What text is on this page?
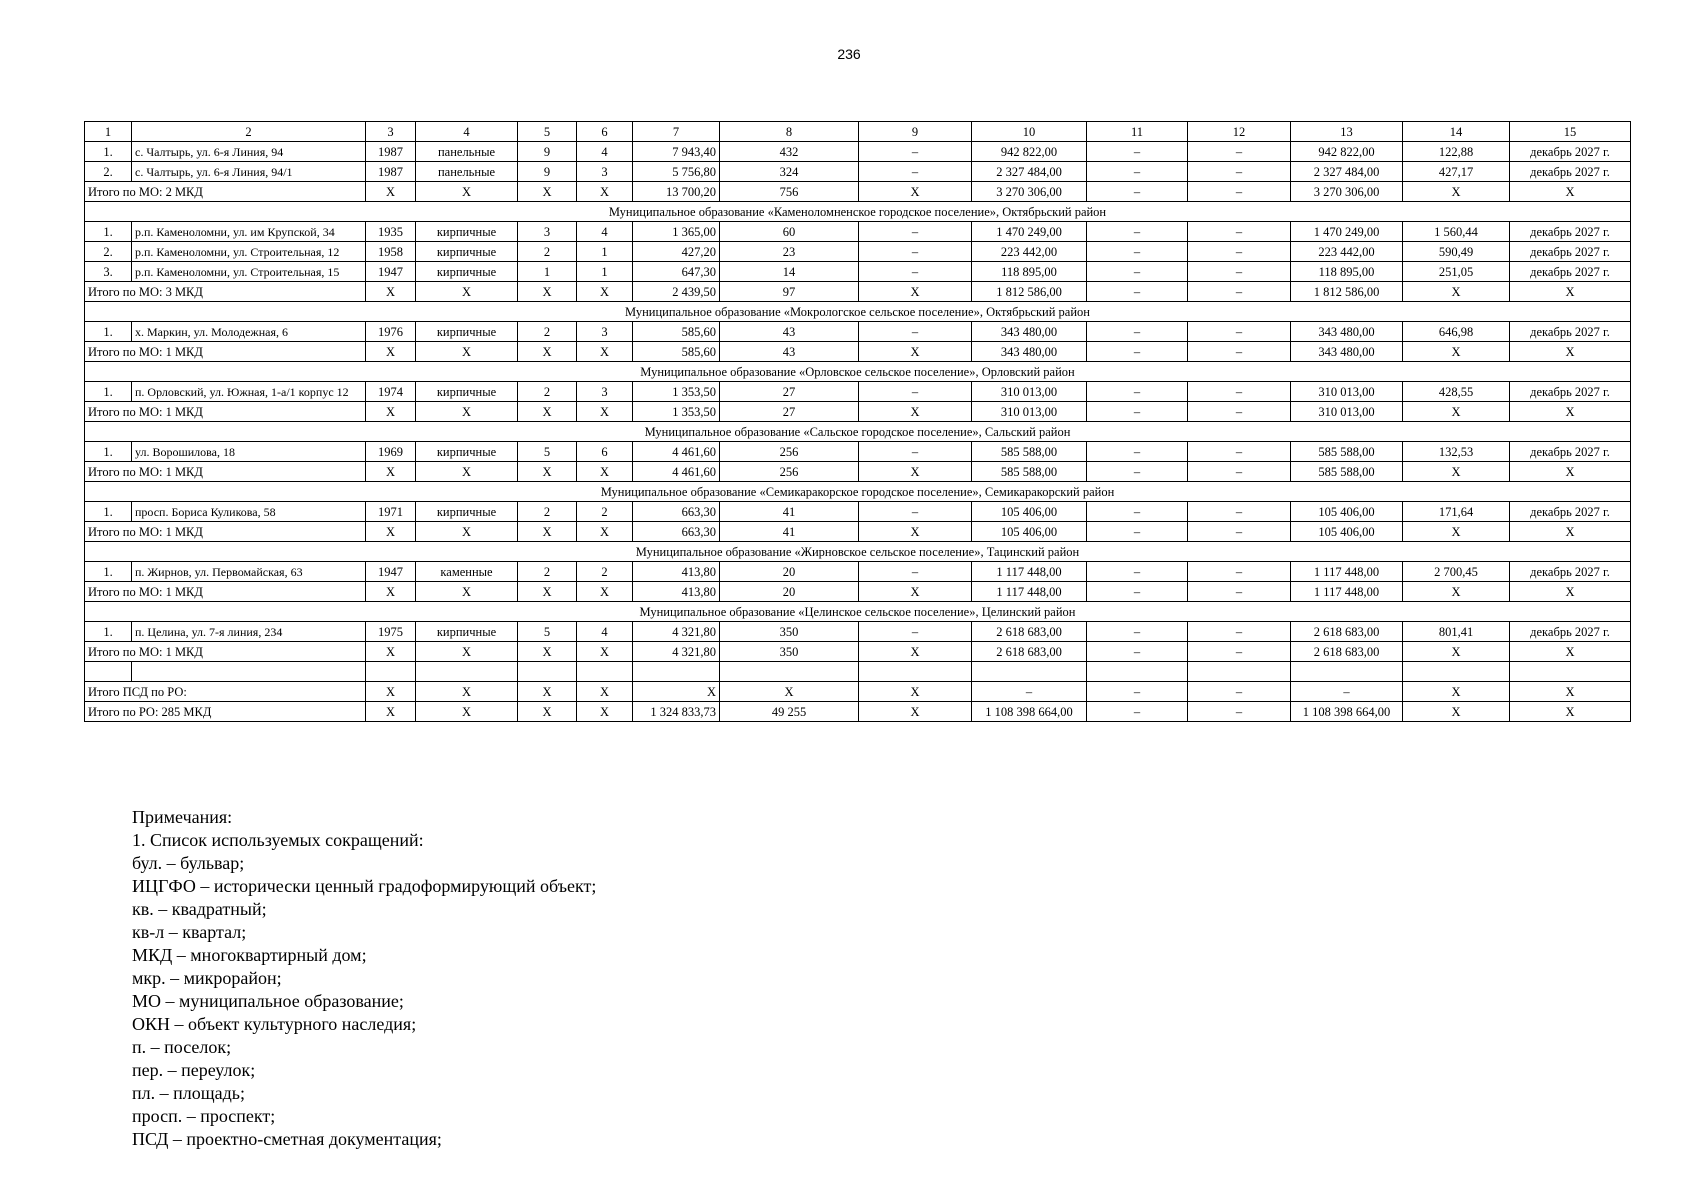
236
1	2	3	4	5	6	7	8	9	10	11	12	13	14	15
1.	с. Чалтырь, ул. 6-я Линия, 94	1987	панельные	9	4	7 943,40	432	–	942 822,00	–	–	942 822,00	122,88	декабрь 2027 г.
2.	с. Чалтырь, ул. 6-я Линия, 94/1	1987	панельные	9	3	5 756,80	324	–	2 327 484,00	–	–	2 327 484,00	427,17	декабрь 2027 г.
Итого по МО: 2 МКД		X	X	X	X	13 700,20	756	X	3 270 306,00	–	–	3 270 306,00	X	X
Муниципальное образование «Каменоломненское городское поселение», Октябрьский район														
1.	р.п. Каменоломни, ул. им Крупской, 34	1935	кирпичные	3	4	1 365,00	60	–	1 470 249,00	–	–	1 470 249,00	1 560,44	декабрь 2027 г.
2.	р.п. Каменоломни, ул. Строительная, 12	1958	кирпичные	2	1	427,20	23	–	223 442,00	–	–	223 442,00	590,49	декабрь 2027 г.
3.	р.п. Каменоломни, ул. Строительная, 15	1947	кирпичные	1	1	647,30	14	–	118 895,00	–	–	118 895,00	251,05	декабрь 2027 г.
Итого по МО: 3 МКД		X	X	X	X	2 439,50	97	X	1 812 586,00	–	–	1 812 586,00	X	X
Муниципальное образование «Мокрологское сельское поселение», Октябрьский район														
1.	х. Маркин, ул. Молодежная, 6	1976	кирпичные	2	3	585,60	43	–	343 480,00	–	–	343 480,00	646,98	декабрь 2027 г.
Итого по МО: 1 МКД		X	X	X	X	585,60	43	X	343 480,00	–	–	343 480,00	X	X
Муниципальное образование «Орловское сельское поселение», Орловский район														
1.	п. Орловский, ул. Южная, 1-а/1 корпус 12	1974	кирпичные	2	3	1 353,50	27	–	310 013,00	–	–	310 013,00	428,55	декабрь 2027 г.
Итого по МО: 1 МКД		X	X	X	X	1 353,50	27	X	310 013,00	–	–	310 013,00	X	X
Муниципальное образование «Сальское городское поселение», Сальский район														
1.	ул. Ворошилова, 18	1969	кирпичные	5	6	4 461,60	256	–	585 588,00	–	–	585 588,00	132,53	декабрь 2027 г.
Итого по МО: 1 МКД		X	X	X	X	4 461,60	256	X	585 588,00	–	–	585 588,00	X	X
Муниципальное образование «Семикаракорское городское поселение», Семикаракорский район														
1.	просп. Бориса Куликова, 58	1971	кирпичные	2	2	663,30	41	–	105 406,00	–	–	105 406,00	171,64	декабрь 2027 г.
Итого по МО: 1 МКД		X	X	X	X	663,30	41	X	105 406,00	–	–	105 406,00	X	X
Муниципальное образование «Жирновское сельское поселение», Тацинский район														
1.	п. Жирнов, ул. Первомайская, 63	1947	каменные	2	2	413,80	20	–	1 117 448,00	–	–	1 117 448,00	2 700,45	декабрь 2027 г.
Итого по МО: 1 МКД		X	X	X	X	413,80	20	X	1 117 448,00	–	–	1 117 448,00	X	X
Муниципальное образование «Целинское сельское поселение», Целинский район														
1.	п. Целина, ул. 7-я линия, 234	1975	кирпичные	5	4	4 321,80	350	–	2 618 683,00	–	–	2 618 683,00	801,41	декабрь 2027 г.
Итого по МО: 1 МКД		X	X	X	X	4 321,80	350	X	2 618 683,00	–	–	2 618 683,00	X	X

Итого ПСД по РО:		X	X	X	X	X	X	X	–	–	–	–	X	X
Итого по РО: 285 МКД		X	X	X	X	1 324 833,73	49 255	X	1 108 398 664,00	–	–	1 108 398 664,00	X	X
Примечания:
1. Список используемых сокращений:
бул. – бульвар;
ИЦГФО – исторически ценный градоформирующий объект;
кв. – квадратный;
кв-л – квартал;
МКД – многоквартирный дом;
мкр. – микрорайон;
МО – муниципальное образование;
ОКН – объект культурного наследия;
п. – поселок;
пер. – переулок;
пл. – площадь;
просп. – проспект;
ПСД – проектно-сметная документация;
